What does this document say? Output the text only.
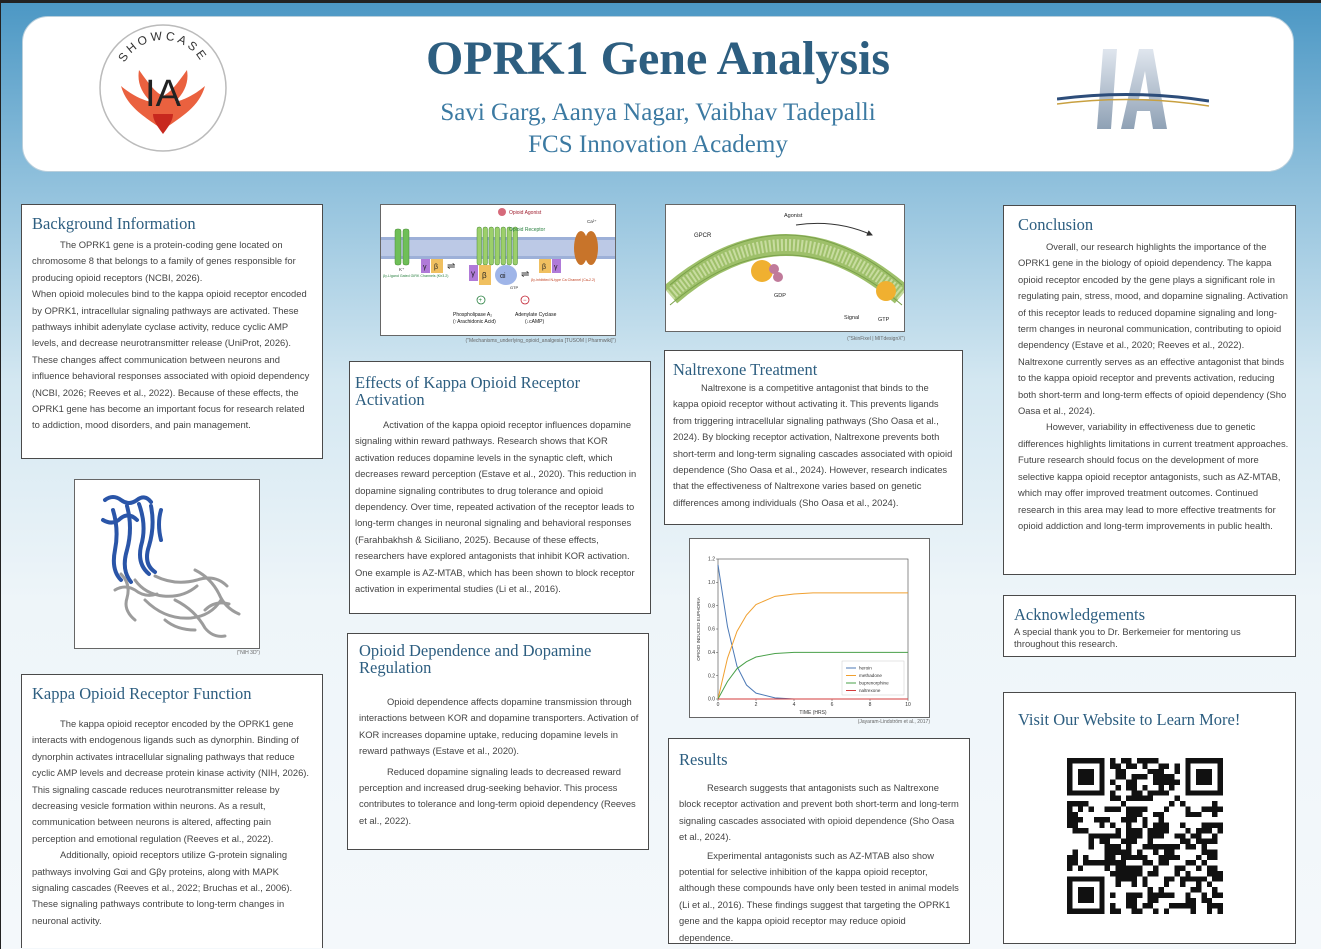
SHOWCASE
IA
OPRK1 Gene Analysis
Savi Garg, Aanya Nagar, Vaibhav Tadepalli
FCS Innovation Academy
Background Information

The OPRK1 gene is a protein-coding gene located on chromosome 8 that belongs to a family of genes responsible for producing opioid receptors (NCBI, 2026).

When opioid molecules bind to the kappa opioid receptor encoded by OPRK1, intracellular signaling pathways are activated. These pathways inhibit adenylate cyclase activity, reduce cyclic AMP levels, and decrease neurotransmitter release (UniProt, 2026). These changes affect communication between neurons and influence behavioral responses associated with opioid dependency (NCBI, 2026; Reeves et al., 2022). Because of these effects, the OPRK1 gene has become an important focus for research related to addiction, mood disorders, and pain management.

("NIH 3D")
Kappa Opioid Receptor Function

The kappa opioid receptor encoded by the OPRK1 gene interacts with endogenous ligands such as dynorphin. Binding of dynorphin activates intracellular signaling pathways that reduce cyclic AMP levels and decrease protein kinase activity (NIH, 2026). This signaling cascade reduces neurotransmitter release by decreasing vesicle formation within neurons. As a result, communication between neurons is altered, affecting pain perception and emotional regulation (Reeves et al., 2022).

Additionally, opioid receptors utilize G-protein signaling pathways involving Gαi and Gβγ proteins, along with MAPK signaling cascades (Reeves et al., 2022; Bruchas et al., 2006). These signaling pathways contribute to long-term changes in neuronal activity.

Opioid Agonist
Opioid Receptor
K⁺
Ca²⁺
γ β
γ β αi
GTP
β γ
⇌
⇌
βγ-Ligand Gated GIRK Channels (Kir3.2)
βγ-inhibited N-type Ca Channel (Caᵥ2.2)
+	−
Phospholipase A₂
(↑Arachidonic Acid)
Adenylate Cyclase
(↓cAMP)
("Mechanisms_underlying_opioid_analgesia [TUSOM | Pharmwiki]")
Effects of Kappa Opioid Receptor Activation

Activation of the kappa opioid receptor influences dopamine signaling within reward pathways. Research shows that KOR activation reduces dopamine levels in the synaptic cleft, which decreases reward perception (Estave et al., 2020). This reduction in dopamine signaling contributes to drug tolerance and opioid dependency. Over time, repeated activation of the receptor leads to long-term changes in neuronal signaling and behavioral responses (Farahbakhsh & Siciliano, 2025). Because of these effects, researchers have explored antagonists that inhibit KOR activation. One example is AZ-MTAB, which has been shown to block receptor activation in experimental studies (Li et al., 2016).

Opioid Dependence and Dopamine Regulation

Opioid dependence affects dopamine transmission through interactions between KOR and dopamine transporters. Activation of KOR increases dopamine uptake, reducing dopamine levels in reward pathways (Estave et al., 2020).

Reduced dopamine signaling leads to decreased reward perception and increased drug-seeking behavior. This process contributes to tolerance and long-term opioid dependency (Reeves et al., 2022).

GPCR
Agonist
GDP
GTP
Signal
("SkinFixel | MITdesignX")
Naltrexone Treatment

Naltrexone is a competitive antagonist that binds to the kappa opioid receptor without activating it. This prevents ligands from triggering intracellular signaling pathways (Sho Oasa et al., 2024). By blocking receptor activation, Naltrexone prevents both short-term and long-term signaling cascades associated with opioid dependence (Sho Oasa et al., 2024). However, research indicates that the effectiveness of Naltrexone varies based on genetic differences among individuals (Sho Oasa et al., 2024).

0	2	4	6	8	10
0.0
0.2
0.4
0.6
0.8
1.0
1.2
TIME (HRS)
OPIOID INDUCED EUPHORIA
heroin
methadone
buprenorphine
naltrexone
(Jayaram-Lindström et al., 2017)
Results

Research suggests that antagonists such as Naltrexone block receptor activation and prevent both short-term and long-term signaling cascades associated with opioid dependence (Sho Oasa et al., 2024).

Experimental antagonists such as AZ-MTAB also show potential for selective inhibition of the kappa opioid receptor, although these compounds have only been tested in animal models (Li et al., 2016). These findings suggest that targeting the OPRK1 gene and the kappa opioid receptor may reduce opioid dependence.

Conclusion

Overall, our research highlights the importance of the OPRK1 gene in the biology of opioid dependency. The kappa opioid receptor encoded by the gene plays a significant role in regulating pain, stress, mood, and dopamine signaling. Activation of this receptor leads to reduced dopamine signaling and long-term changes in neuronal communication, contributing to opioid dependency (Estave et al., 2020; Reeves et al., 2022). Naltrexone currently serves as an effective antagonist that binds to the kappa opioid receptor and prevents activation, reducing both short-term and long-term effects of opioid dependency (Sho Oasa et al., 2024).

However, variability in effectiveness due to genetic differences highlights limitations in current treatment approaches. Future research should focus on the development of more selective kappa opioid receptor antagonists, such as AZ-MTAB, which may offer improved treatment outcomes. Continued research in this area may lead to more effective treatments for opioid addiction and long-term improvements in public health.

Acknowledgements

A special thank you to Dr. Berkemeier for mentoring us throughout this research.

Visit Our Website to Learn More!
